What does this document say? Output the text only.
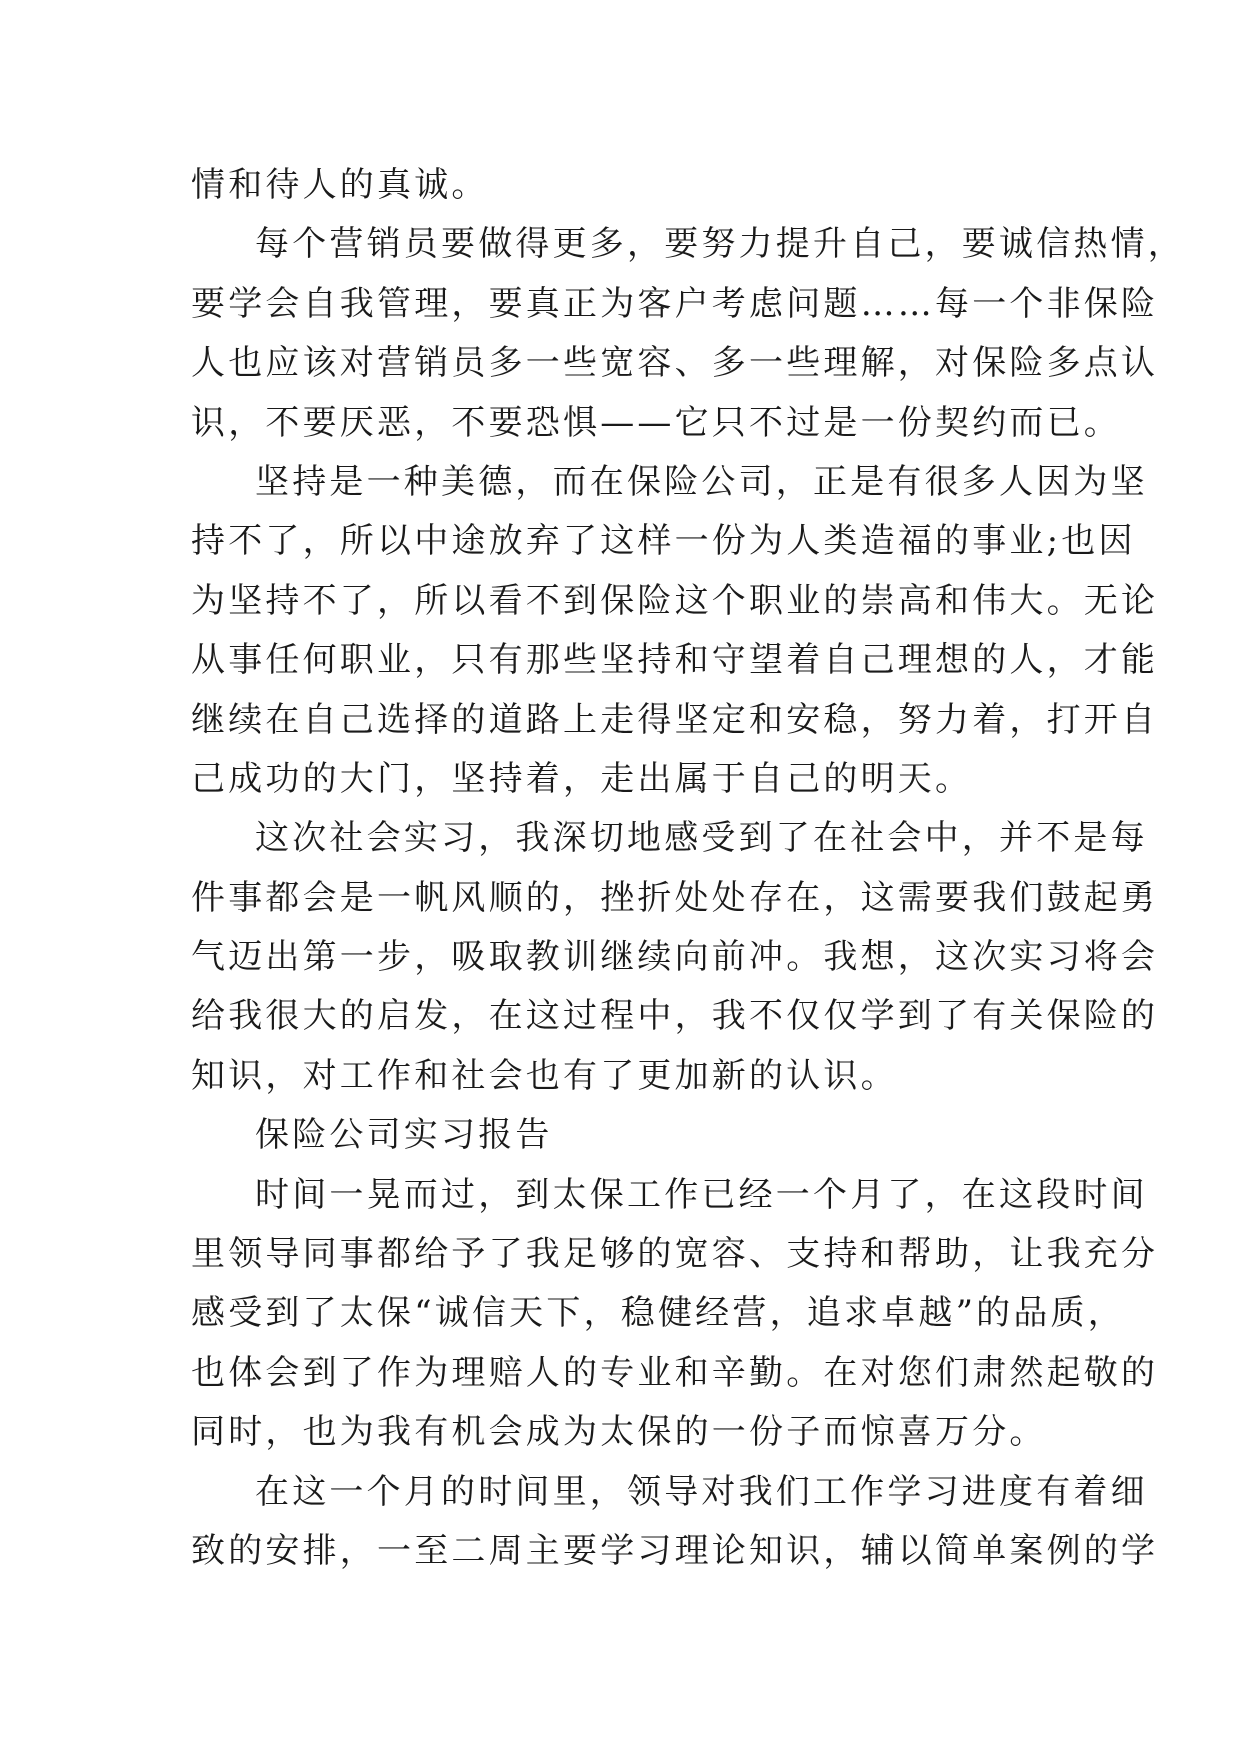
情和待人的真诚。
每个营销员要做得更多，要努力提升自己，要诚信热情，
要学会自我管理，要真正为客户考虑问题……每一个非保险
人也应该对营销员多一些宽容、多一些理解，对保险多点认
识，不要厌恶，不要恐惧——它只不过是一份契约而已。
坚持是一种美德，而在保险公司，正是有很多人因为坚
持不了，所以中途放弃了这样一份为人类造福的事业;也因
为坚持不了，所以看不到保险这个职业的崇高和伟大。无论
从事任何职业，只有那些坚持和守望着自己理想的人，才能
继续在自己选择的道路上走得坚定和安稳，努力着，打开自
己成功的大门，坚持着，走出属于自己的明天。
这次社会实习，我深切地感受到了在社会中，并不是每
件事都会是一帆风顺的，挫折处处存在，这需要我们鼓起勇
气迈出第一步，吸取教训继续向前冲。我想，这次实习将会
给我很大的启发，在这过程中，我不仅仅学到了有关保险的
知识，对工作和社会也有了更加新的认识。
保险公司实习报告
时间一晃而过，到太保工作已经一个月了，在这段时间
里领导同事都给予了我足够的宽容、支持和帮助，让我充分
感受到了太保“诚信天下，稳健经营，追求卓越”的品质，
也体会到了作为理赔人的专业和辛勤。在对您们肃然起敬的
同时，也为我有机会成为太保的一份子而惊喜万分。
在这一个月的时间里，领导对我们工作学习进度有着细
致的安排，一至二周主要学习理论知识，辅以简单案例的学
